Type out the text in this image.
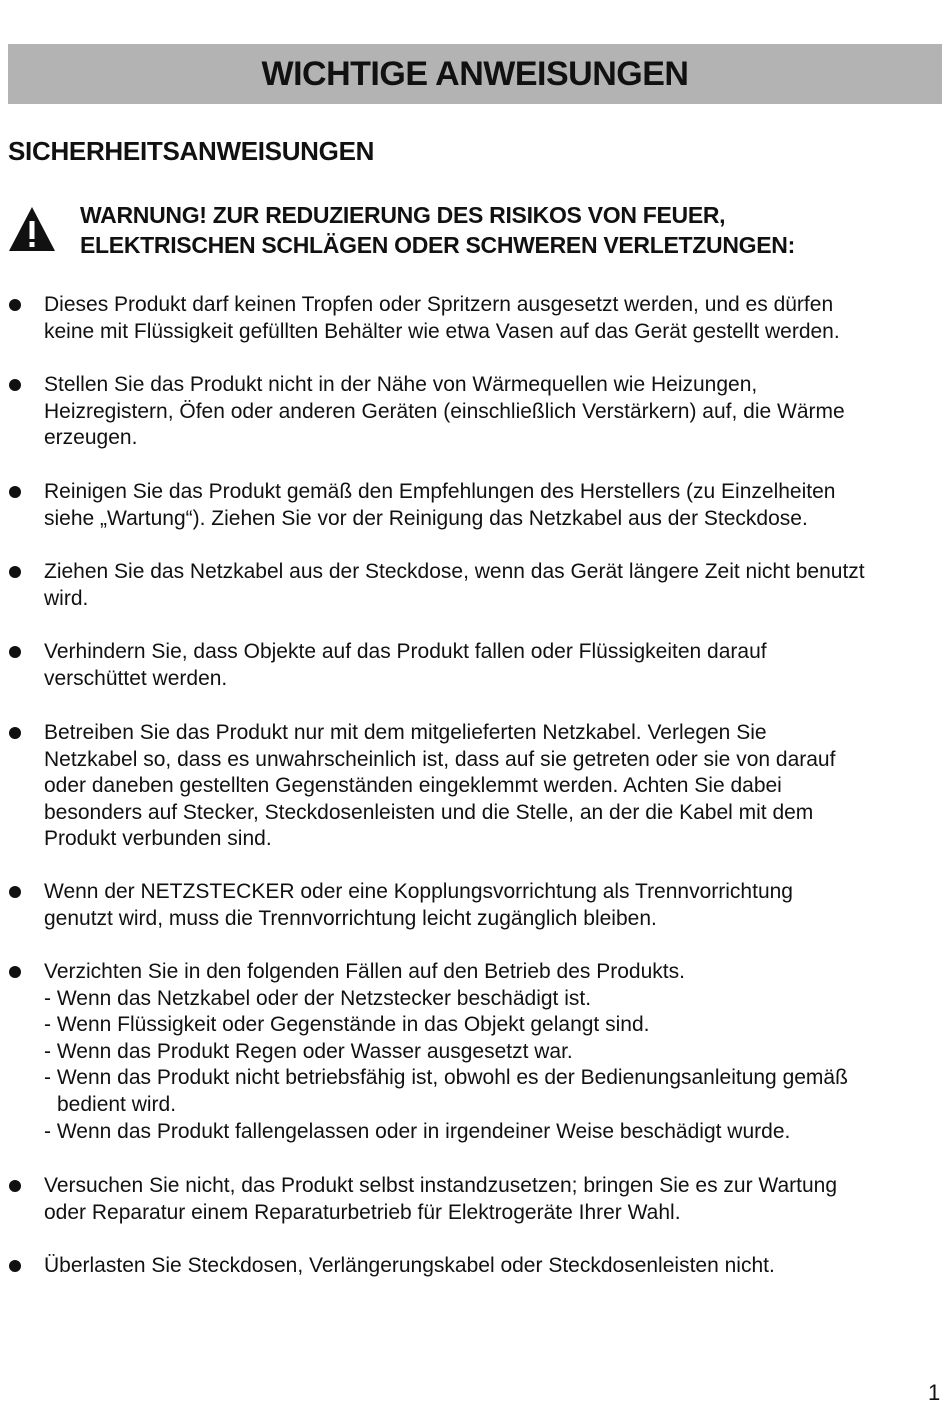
WICHTIGE ANWEISUNGEN
SICHERHEITSANWEISUNGEN
WARNUNG! ZUR REDUZIERUNG DES RISIKOS VON FEUER,
ELEKTRISCHEN SCHLÄGEN ODER SCHWEREN VERLETZUNGEN:
Dieses Produkt darf keinen Tropfen oder Spritzern ausgesetzt werden, und es dürfen
keine mit Flüssigkeit gefüllten Behälter wie etwa Vasen auf das Gerät gestellt werden.
Stellen Sie das Produkt nicht in der Nähe von Wärmequellen wie Heizungen,
Heizregistern, Öfen oder anderen Geräten (einschließlich Verstärkern) auf, die Wärme
erzeugen.
Reinigen Sie das Produkt gemäß den Empfehlungen des Herstellers (zu Einzelheiten
siehe „Wartung“). Ziehen Sie vor der Reinigung das Netzkabel aus der Steckdose.
Ziehen Sie das Netzkabel aus der Steckdose, wenn das Gerät längere Zeit nicht benutzt
wird.
Verhindern Sie, dass Objekte auf das Produkt fallen oder Flüssigkeiten darauf
verschüttet werden.
Betreiben Sie das Produkt nur mit dem mitgelieferten Netzkabel. Verlegen Sie
Netzkabel so, dass es unwahrscheinlich ist, dass auf sie getreten oder sie von darauf
oder daneben gestellten Gegenständen eingeklemmt werden. Achten Sie dabei
besonders auf Stecker, Steckdosenleisten und die Stelle, an der die Kabel mit dem
Produkt verbunden sind.
Wenn der NETZSTECKER oder eine Kopplungsvorrichtung als Trennvorrichtung
genutzt wird, muss die Trennvorrichtung leicht zugänglich bleiben.
Verzichten Sie in den folgenden Fällen auf den Betrieb des Produkts.
- Wenn das Netzkabel oder der Netzstecker beschädigt ist.
- Wenn Flüssigkeit oder Gegenstände in das Objekt gelangt sind.
- Wenn das Produkt Regen oder Wasser ausgesetzt war.
- Wenn das Produkt nicht betriebsfähig ist, obwohl es der Bedienungsanleitung gemäß
bedient wird.
- Wenn das Produkt fallengelassen oder in irgendeiner Weise beschädigt wurde.
Versuchen Sie nicht, das Produkt selbst instandzusetzen; bringen Sie es zur Wartung
oder Reparatur einem Reparaturbetrieb für Elektrogeräte Ihrer Wahl.
Überlasten Sie Steckdosen, Verlängerungskabel oder Steckdosenleisten nicht.
1
